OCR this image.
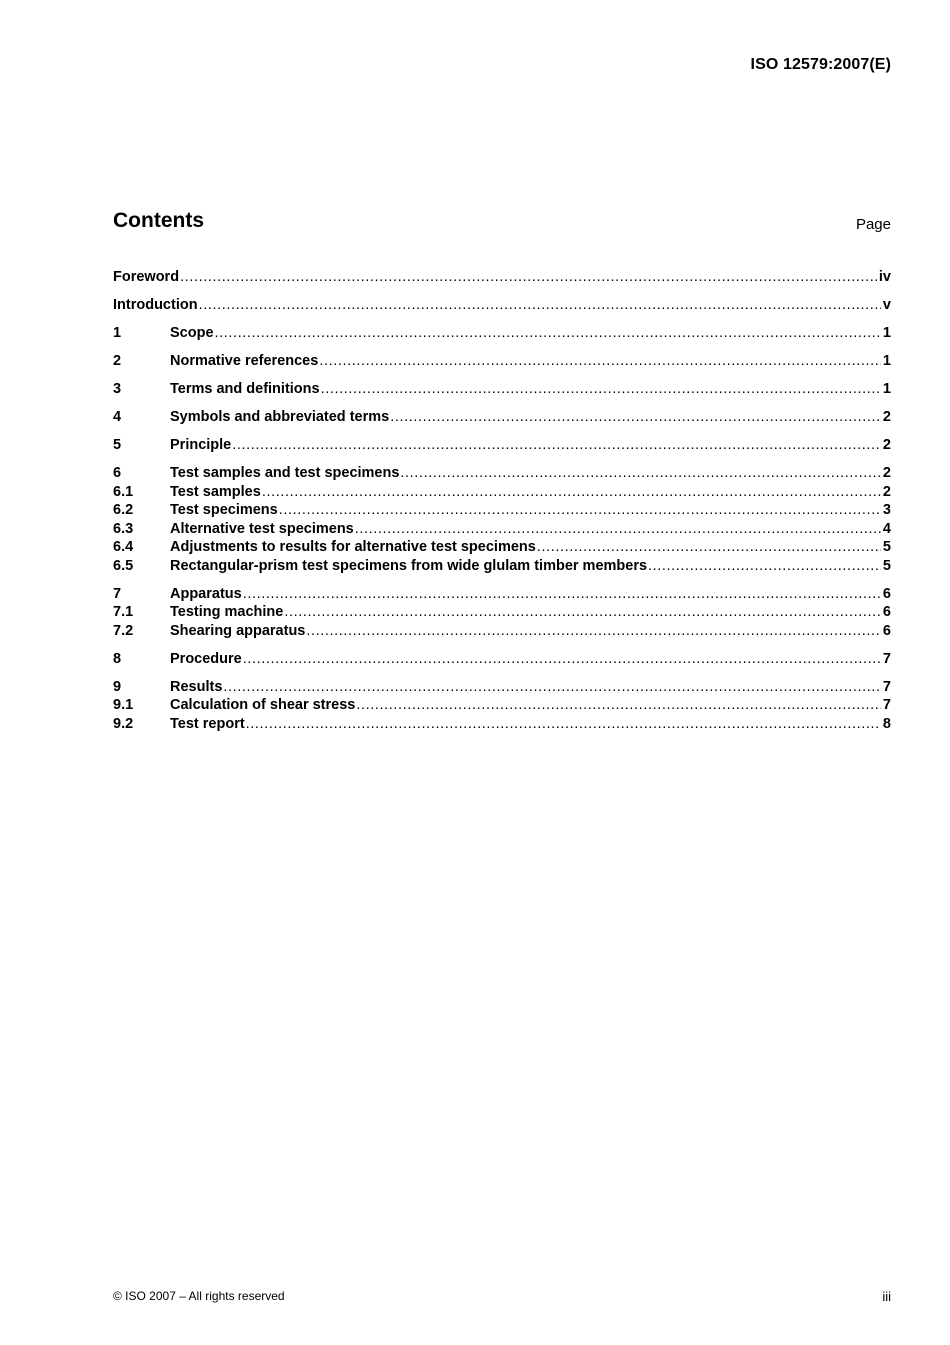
ISO 12579:2007(E)
Contents	Page
Foreword .....	iv
Introduction .....	v
1	Scope .....	1
2	Normative references .....	1
3	Terms and definitions .....	1
4	Symbols and abbreviated terms .....	2
5	Principle .....	2
6	Test samples and test specimens .....	2
6.1	Test samples .....	2
6.2	Test specimens .....	3
6.3	Alternative test specimens .....	4
6.4	Adjustments to results for alternative test specimens .....	5
6.5	Rectangular-prism test specimens from wide glulam timber members .....	5
7	Apparatus .....	6
7.1	Testing machine .....	6
7.2	Shearing apparatus .....	6
8	Procedure .....	7
9	Results .....	7
9.1	Calculation of shear stress .....	7
9.2	Test report .....	8
© ISO 2007 – All rights reserved	iii
